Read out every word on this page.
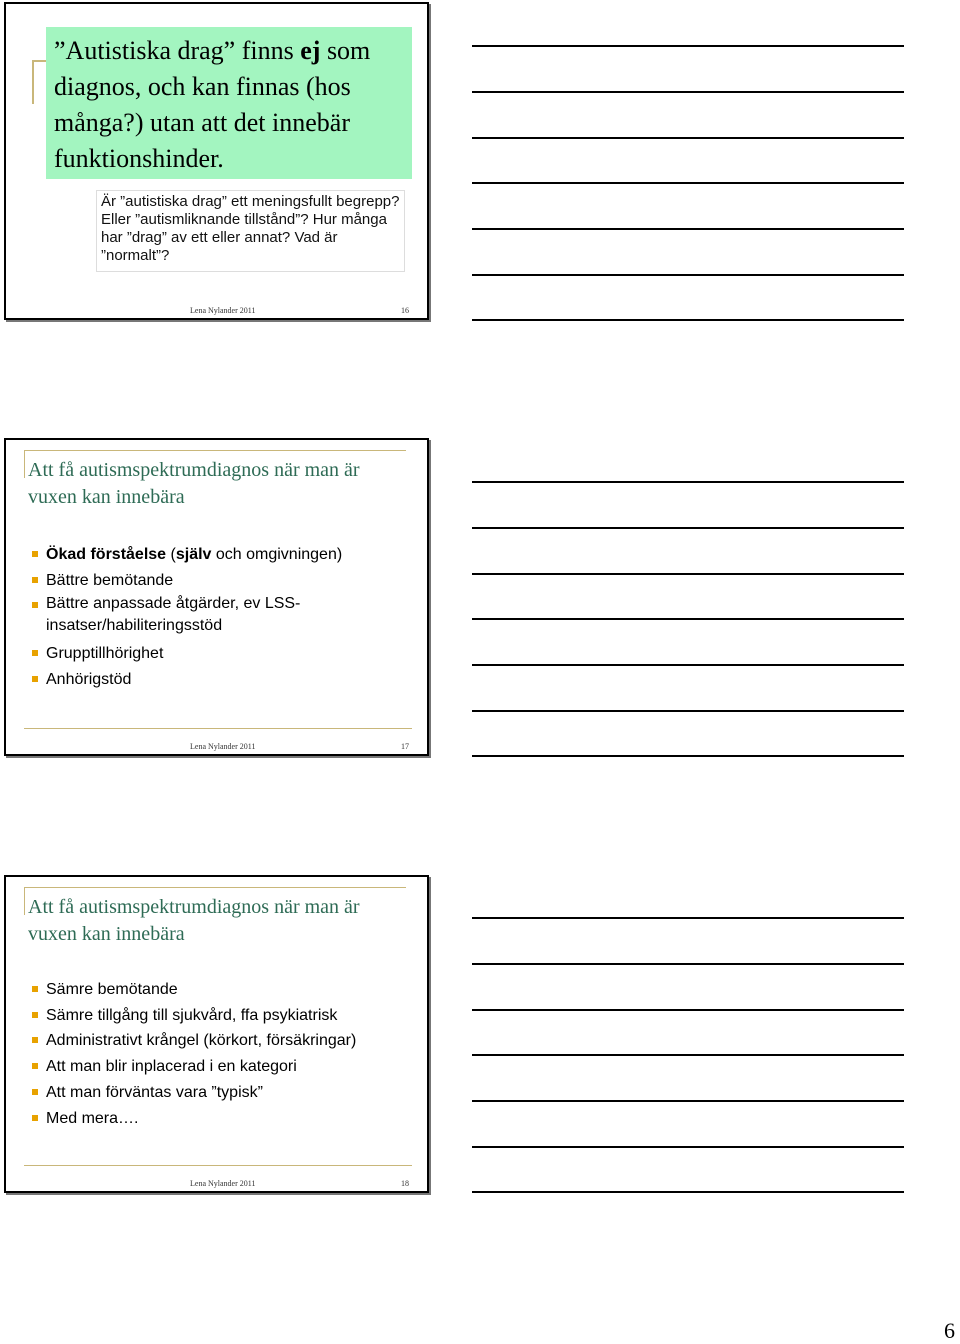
”Autistiska drag” finns ej som diagnos, och kan finnas (hos många?) utan att det innebär funktionshinder.
Är ”autistiska drag” ett meningsfullt begrepp? Eller ”autismliknande tillstånd”? Hur många har ”drag” av ett eller annat? Vad är ”normalt”?
Lena Nylander 2011	16
Att få autismspektrumdiagnos när man är vuxen kan innebära
Ökad förståelse (själv och omgivningen)
Bättre bemötande
Bättre anpassade åtgärder, ev LSS-insatser/habiliteringsstöd
Grupptillhörighet
Anhörigstöd
Lena Nylander 2011	17
Att få autismspektrumdiagnos när man är vuxen kan innebära
Sämre bemötande
Sämre tillgång till sjukvård, ffa psykiatrisk
Administrativt krångel (körkort, försäkringar)
Att man blir inplacerad i en kategori
Att man förväntas vara ”typisk”
Med mera….
Lena Nylander 2011	18
6
